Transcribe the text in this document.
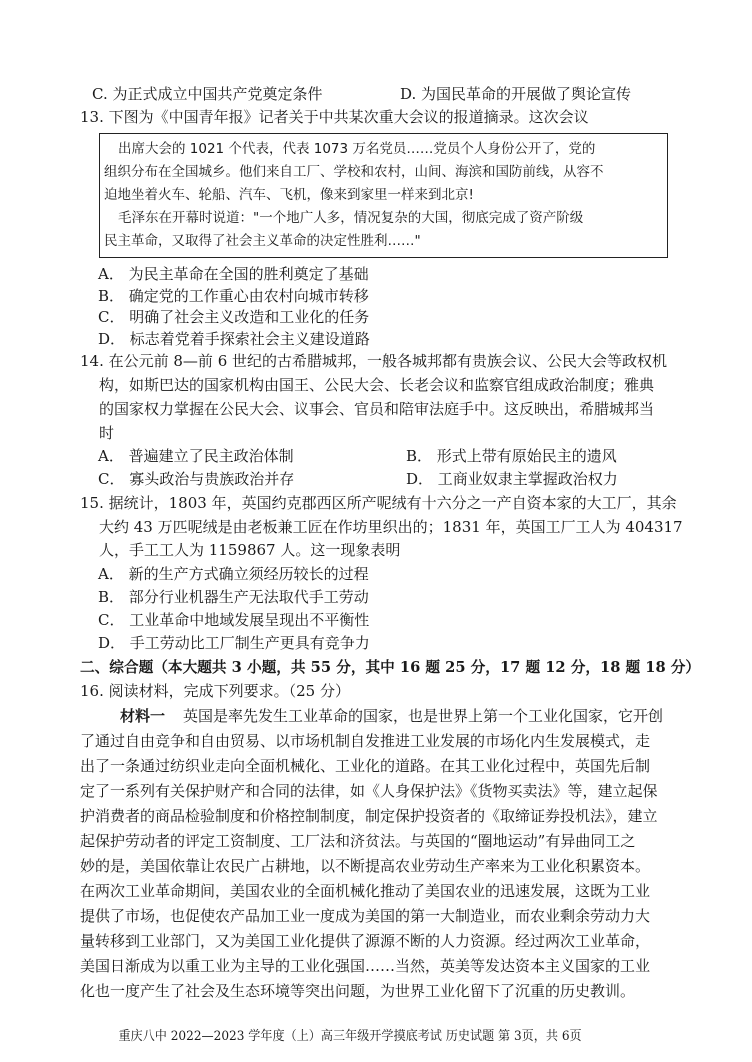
C. 为正式成立中国共产党奠定条件	D. 为国民革命的开展做了舆论宣传
13. 下图为《中国青年报》记者关于中共某次重大会议的报道摘录。这次会议
出席大会的 1021 个代表，代表 1073 万名党员……党员个人身份公开了，党的
组织分布在全国城乡。他们来自工厂、学校和农村，山间、海滨和国防前线，从容不
迫地坐着火车、轮船、汽车、飞机，像来到家里一样来到北京!
毛泽东在开幕时说道："一个地广人多，情况复杂的大国，彻底完成了资产阶级
民主革命，又取得了社会主义革命的决定性胜利……"
A． 为民主革命在全国的胜利奠定了基础
B． 确定党的工作重心由农村向城市转移
C． 明确了社会主义改造和工业化的任务
D． 标志着党着手探索社会主义建设道路
14. 在公元前 8—前 6 世纪的古希腊城邦，一般各城邦都有贵族会议、公民大会等政权机
构，如斯巴达的国家机构由国王、公民大会、长老会议和监察官组成政治制度；雅典
的国家权力掌握在公民大会、议事会、官员和陪审法庭手中。这反映出，希腊城邦当
时
A． 普遍建立了民主政治体制	B． 形式上带有原始民主的遗风
C． 寡头政治与贵族政治并存	D． 工商业奴隶主掌握政治权力
15. 据统计，1803 年，英国约克郡西区所产呢绒有十六分之一产自资本家的大工厂，其余
大约 43 万匹呢绒是由老板兼工匠在作坊里织出的；1831 年，英国工厂工人为 404317
人，手工工人为 1159867 人。这一现象表明
A． 新的生产方式确立须经历较长的过程
B． 部分行业机器生产无法取代手工劳动
C． 工业革命中地域发展呈现出不平衡性
D． 手工劳动比工厂制生产更具有竞争力
二、综合题（本大题共 3 小题，共 55 分，其中 16 题 25 分，17 题 12 分，18 题 18 分）
16. 阅读材料，完成下列要求。（25 分）
材料一 英国是率先发生工业革命的国家，也是世界上第一个工业化国家，它开创
了通过自由竞争和自由贸易、以市场机制自发推进工业发展的市场化内生发展模式，走
出了一条通过纺织业走向全面机械化、工业化的道路。在其工业化过程中，英国先后制
定了一系列有关保护财产和合同的法律，如《人身保护法》《货物买卖法》等，建立起保
护消费者的商品检验制度和价格控制制度，制定保护投资者的《取缔证券投机法》，建立
起保护劳动者的评定工资制度、工厂法和济贫法。与英国的“圈地运动”有异曲同工之
妙的是，美国依靠让农民广占耕地，以不断提高农业劳动生产率来为工业化积累资本。
在两次工业革命期间，美国农业的全面机械化推动了美国农业的迅速发展，这既为工业
提供了市场，也促使农产品加工业一度成为美国的第一大制造业，而农业剩余劳动力大
量转移到工业部门，又为美国工业化提供了源源不断的人力资源。经过两次工业革命，
美国日渐成为以重工业为主导的工业化强国……当然，英美等发达资本主义国家的工业
化也一度产生了社会及生态环境等突出问题，为世界工业化留下了沉重的历史教训。
重庆八中 2022—2023 学年度（上）高三年级开学摸底考试 历史试题 第 3页，共 6页
